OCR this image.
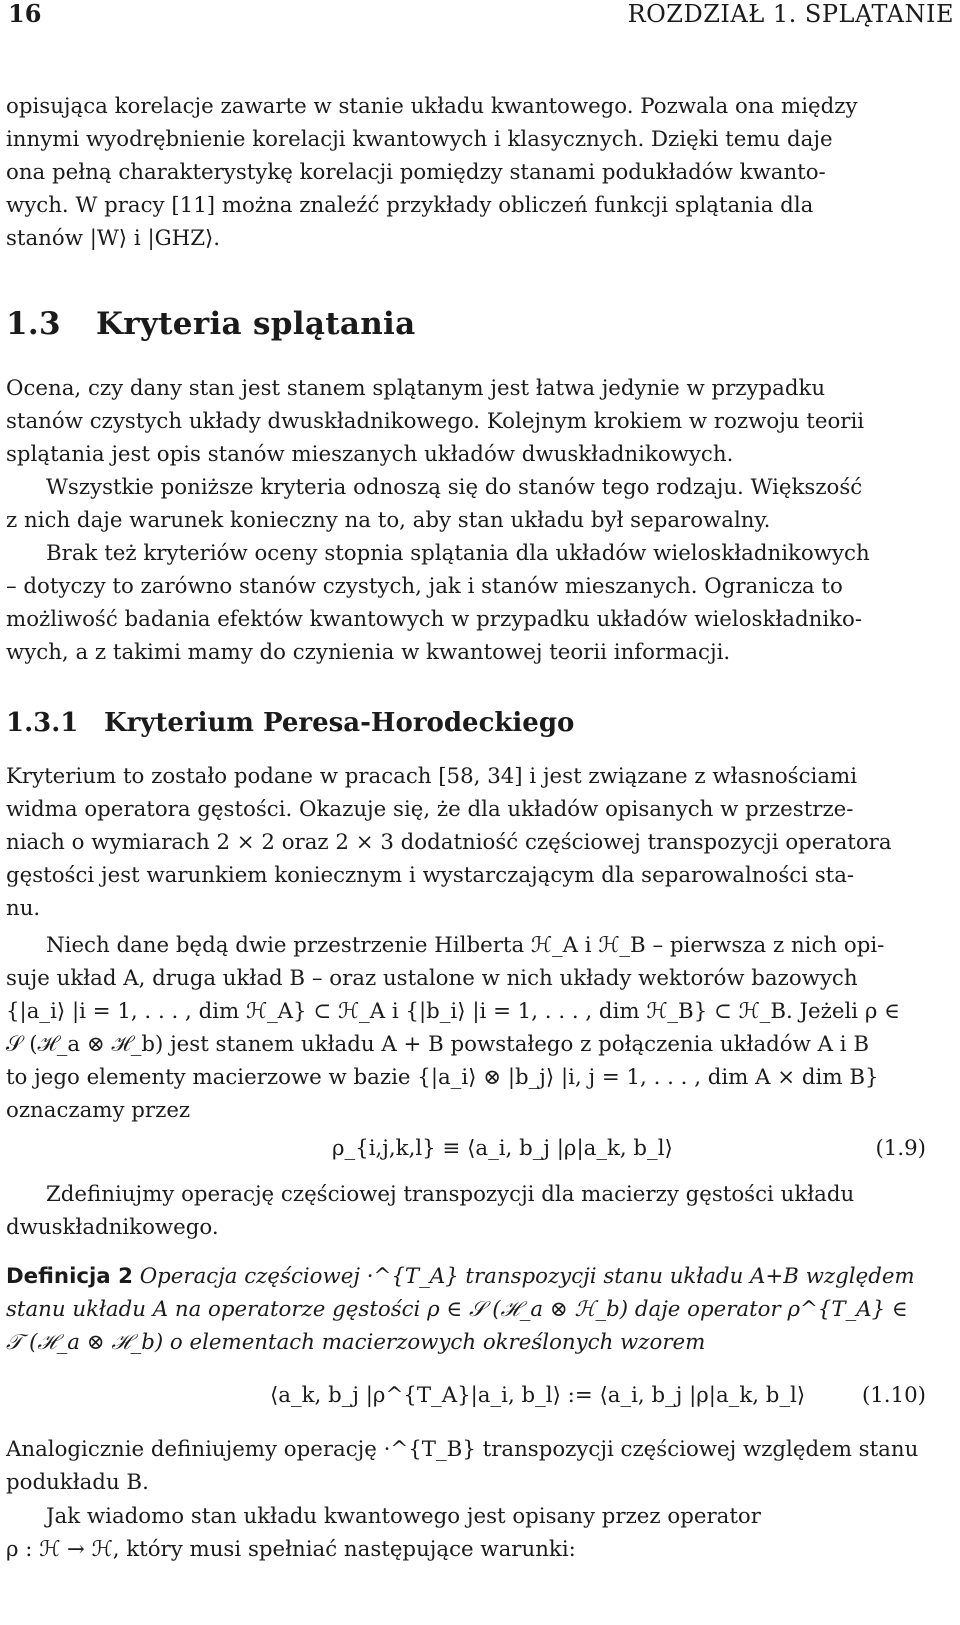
16	ROZDZIAŁ 1. SPLĄTANIE
opisująca korelacje zawarte w stanie układu kwantowego. Pozwala ona między
innymi wyodrębnienie korelacji kwantowych i klasycznych. Dzięki temu daje
ona pełną charakterystykę korelacji pomiędzy stanami podukładów kwanto-
wych. W pracy [11] można znaleźć przykłady obliczeń funkcji splątania dla
stanów |W⟩ i |GHZ⟩.
1.3 Kryteria splątania
Ocena, czy dany stan jest stanem splątanym jest łatwa jedynie w przypadku
stanów czystych układy dwuskładnikowego. Kolejnym krokiem w rozwoju teorii
splątania jest opis stanów mieszanych układów dwuskładnikowych.
Wszystkie poniższe kryteria odnoszą się do stanów tego rodzaju. Większość
z nich daje warunek konieczny na to, aby stan układu był separowalny.
Brak też kryteriów oceny stopnia splątania dla układów wieloskładnikowych
– dotyczy to zarówno stanów czystych, jak i stanów mieszanych. Ogranicza to
możliwość badania efektów kwantowych w przypadku układów wieloskładniko-
wych, a z takimi mamy do czynienia w kwantowej teorii informacji.
1.3.1 Kryterium Peresa-Horodeckiego
Kryterium to zostało podane w pracach [58, 34] i jest związane z własnościami
widma operatora gęstości. Okazuje się, że dla układów opisanych w przestrze-
niach o wymiarach 2 × 2 oraz 2 × 3 dodatniość częściowej transpozycji operatora
gęstości jest warunkiem koniecznym i wystarczającym dla separowalności sta-
nu.
Niech dane będą dwie przestrzenie Hilberta ℋ_A i ℋ_B – pierwsza z nich opi-
suje układ A, druga układ B – oraz ustalone w nich układy wektorów bazowych
{|a_i⟩ |i = 1, . . . , dim ℋ_A} ⊂ ℋ_A i {|b_i⟩ |i = 1, . . . , dim ℋ_B} ⊂ ℋ_B. Jeżeli ρ ∈
𝒮 (ℋ_a ⊗ ℋ_b) jest stanem układu A + B powstałego z połączenia układów A i B
to jego elementy macierzowe w bazie {|a_i⟩ ⊗ |b_j⟩ |i, j = 1, . . . , dim A × dim B}
oznaczamy przez
ρ_{i,j,k,l} ≡ ⟨a_i, b_j |ρ|a_k, b_l⟩	(1.9)
Zdefiniujmy operację częściowej transpozycji dla macierzy gęstości układu
dwuskładnikowego.
Definicja 2 Operacja częściowej ·^{T_A} transpozycji stanu układu A+B względem
stanu układu A na operatorze gęstości ρ ∈ 𝒮 (ℋ_a ⊗ ℋ_b) daje operator ρ^{T_A} ∈
𝒯 (ℋ_a ⊗ ℋ_b) o elementach macierzowych określonych wzorem
⟨a_k, b_j |ρ^{T_A}|a_i, b_l⟩ := ⟨a_i, b_j |ρ|a_k, b_l⟩	(1.10)
Analogicznie definiujemy operację ·^{T_B} transpozycji częściowej względem stanu
podukładu B.
Jak wiadomo stan układu kwantowego jest opisany przez operator
ρ : ℋ → ℋ, który musi spełniać następujące warunki:
